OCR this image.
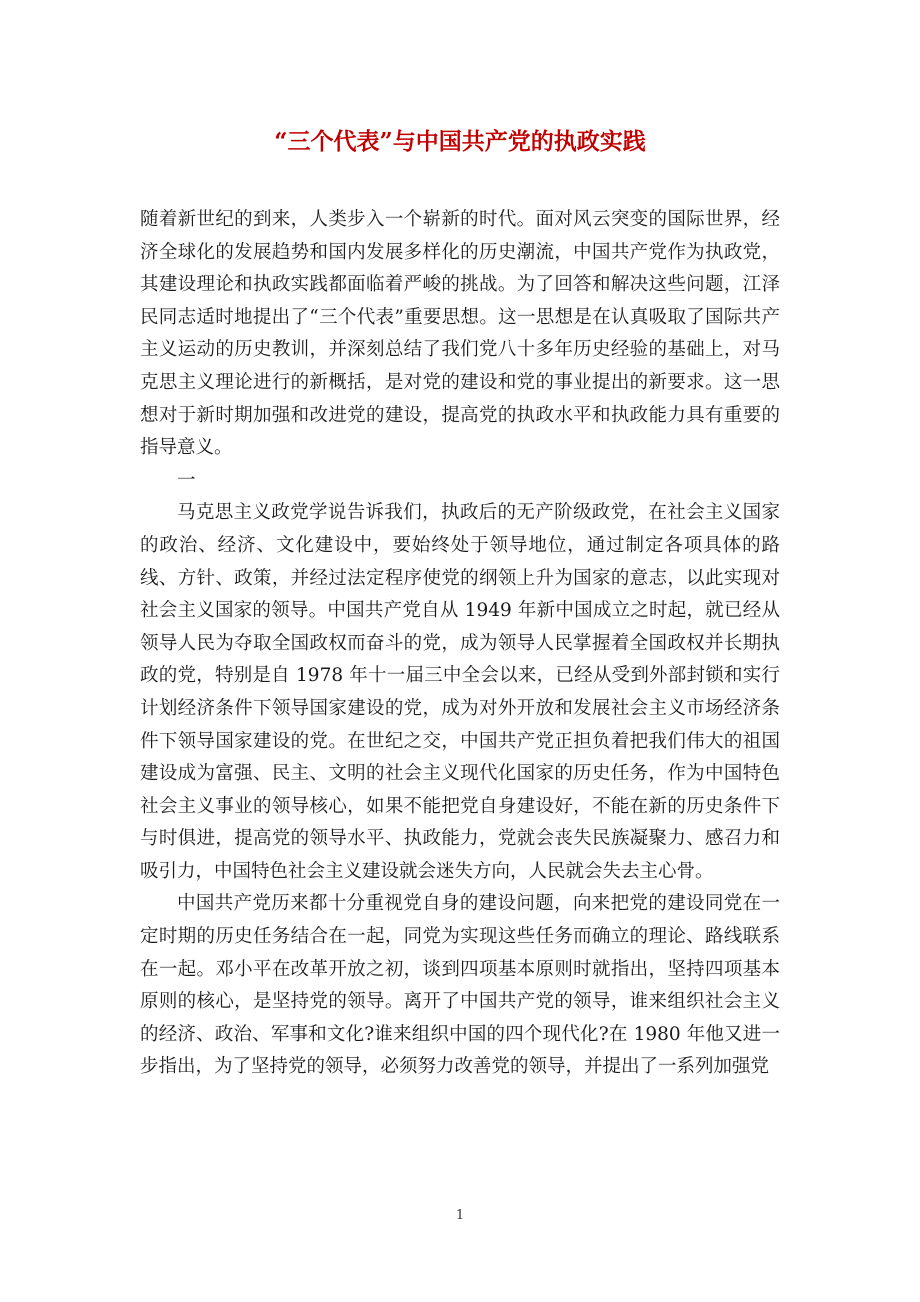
“三个代表”与中国共产党的执政实践

随着新世纪的到来，人类步入一个崭新的时代。面对风云突变的国际世界，经济全球化的发展趋势和国内发展多样化的历史潮流，中国共产党作为执政党，其建设理论和执政实践都面临着严峻的挑战。为了回答和解决这些问题，江泽民同志适时地提出了“三个代表”重要思想。这一思想是在认真吸取了国际共产主义运动的历史教训，并深刻总结了我们党八十多年历史经验的基础上，对马克思主义理论进行的新概括，是对党的建设和党的事业提出的新要求。这一思想对于新时期加强和改进党的建设，提高党的执政水平和执政能力具有重要的指导意义。

一

马克思主义政党学说告诉我们，执政后的无产阶级政党，在社会主义国家的政治、经济、文化建设中，要始终处于领导地位，通过制定各项具体的路线、方针、政策，并经过法定程序使党的纲领上升为国家的意志，以此实现对社会主义国家的领导。中国共产党自从 1949 年新中国成立之时起，就已经从领导人民为夺取全国政权而奋斗的党，成为领导人民掌握着全国政权并长期执政的党，特别是自 1978 年十一届三中全会以来，已经从受到外部封锁和实行计划经济条件下领导国家建设的党，成为对外开放和发展社会主义市场经济条件下领导国家建设的党。在世纪之交，中国共产党正担负着把我们伟大的祖国建设成为富强、民主、文明的社会主义现代化国家的历史任务，作为中国特色社会主义事业的领导核心，如果不能把党自身建设好，不能在新的历史条件下与时俱进，提高党的领导水平、执政能力，党就会丧失民族凝聚力、感召力和吸引力，中国特色社会主义建设就会迷失方向，人民就会失去主心骨。

中国共产党历来都十分重视党自身的建设问题，向来把党的建设同党在一定时期的历史任务结合在一起，同党为实现这些任务而确立的理论、路线联系在一起。邓小平在改革开放之初，谈到四项基本原则时就指出，坚持四项基本原则的核心，是坚持党的领导。离开了中国共产党的领导，谁来组织社会主义的经济、政治、军事和文化?谁来组织中国的四个现代化?在 1980 年他又进一步指出，为了坚持党的领导，必须努力改善党的领导，并提出了一系列加强党

1
